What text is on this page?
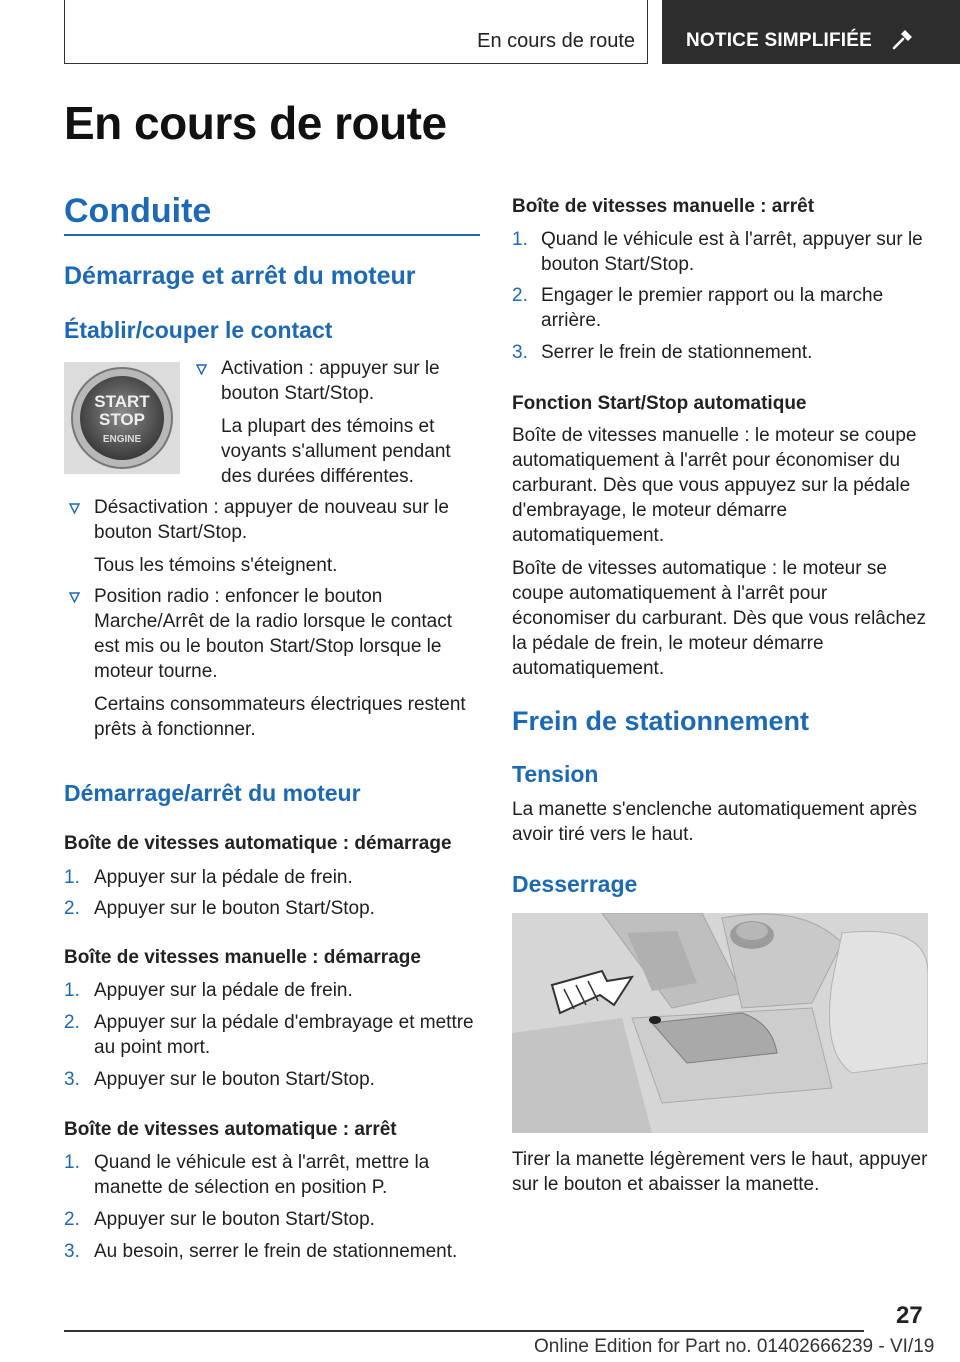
En cours de route	NOTICE SIMPLIFIÉE
En cours de route
Conduite
Démarrage et arrêt du moteur
Établir/couper le contact
START
STOP
ENGINE

Activation : appuyer sur le bouton Start/Stop.

La plupart des témoins et voyants s'allument pendant des durées différentes.

Désactivation : appuyer de nouveau sur le bouton Start/Stop.

Tous les témoins s'éteignent.

Position radio : enfoncer le bouton Marche/Arrêt de la radio lorsque le contact est mis ou le bouton Start/Stop lorsque le moteur tourne.

Certains consommateurs électriques restent prêts à fonctionner.

Démarrage/arrêt du moteur
Boîte de vitesses automatique : démarrage
1. Appuyer sur la pédale de frein.
2. Appuyer sur le bouton Start/Stop.
Boîte de vitesses manuelle : démarrage
1. Appuyer sur la pédale de frein.
2. Appuyer sur la pédale d'embrayage et mettre au point mort.
3. Appuyer sur le bouton Start/Stop.
Boîte de vitesses automatique : arrêt
1. Quand le véhicule est à l'arrêt, mettre la manette de sélection en position P.
2. Appuyer sur le bouton Start/Stop.
3. Au besoin, serrer le frein de stationnement.
Boîte de vitesses manuelle : arrêt
1. Quand le véhicule est à l'arrêt, appuyer sur le bouton Start/Stop.
2. Engager le premier rapport ou la marche arrière.
3. Serrer le frein de stationnement.
Fonction Start/Stop automatique
Boîte de vitesses manuelle : le moteur se coupe automatiquement à l'arrêt pour économiser du carburant. Dès que vous appuyez sur la pédale d'embrayage, le moteur démarre automatiquement.
Boîte de vitesses automatique : le moteur se coupe automatiquement à l'arrêt pour économiser du carburant. Dès que vous relâchez la pédale de frein, le moteur démarre automatiquement.
Frein de stationnement
Tension
La manette s'enclenche automatiquement après avoir tiré vers le haut.
Desserrage
Tirer la manette légèrement vers le haut, appuyer sur le bouton et abaisser la manette.
27
Online Edition for Part no. 01402666239 - VI/19
